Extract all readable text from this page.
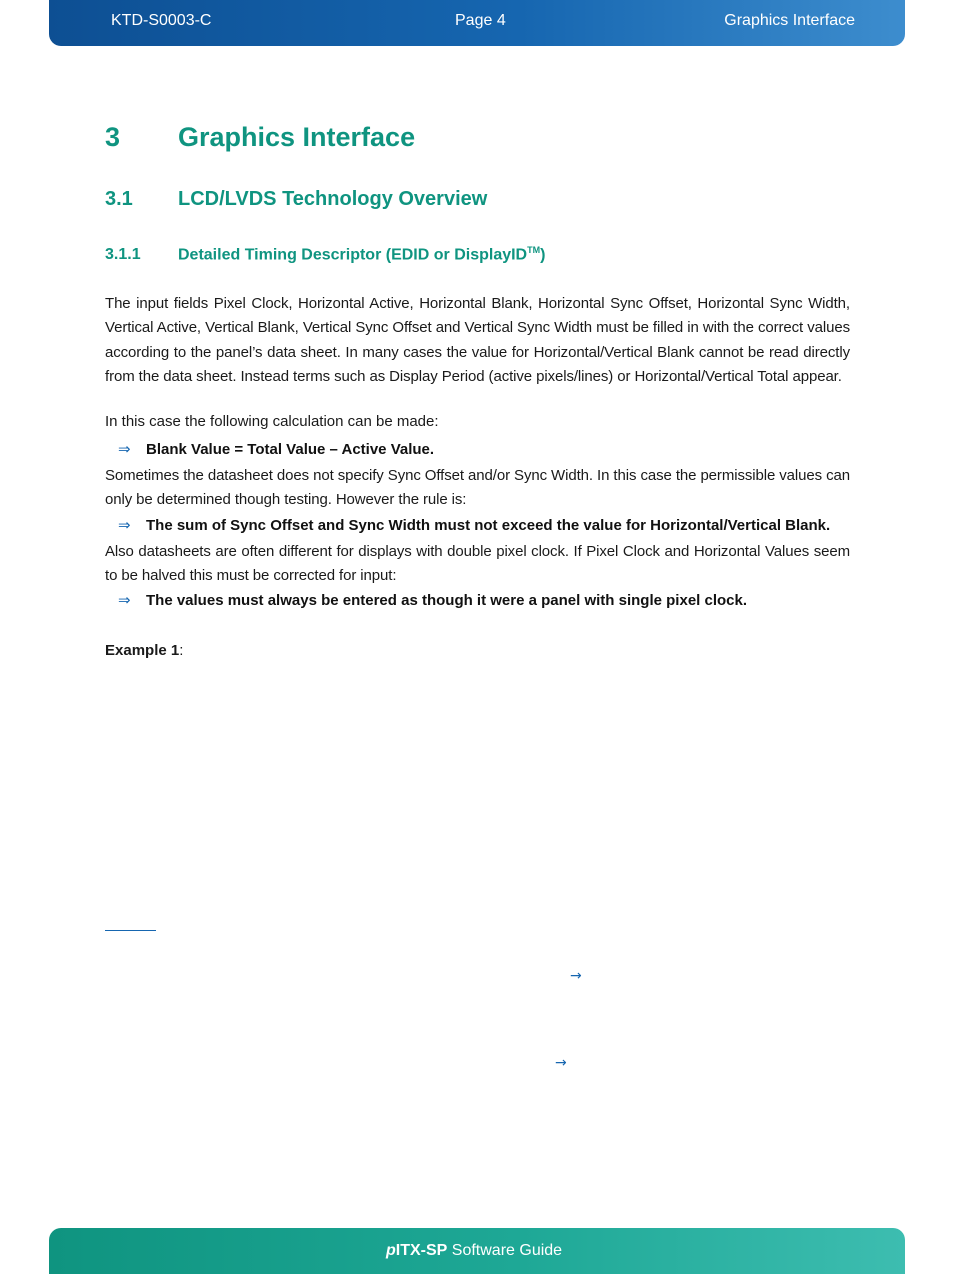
KTD-S0003-C	Page 4	Graphics Interface
3 Graphics Interface
3.1 LCD/LVDS Technology Overview
3.1.1 Detailed Timing Descriptor (EDID or DisplayID™)

The input fields Pixel Clock, Horizontal Active, Horizontal Blank, Horizontal Sync Offset, Horizontal Sync Width, Vertical Active, Vertical Blank, Vertical Sync Offset and Vertical Sync Width must be filled in with the correct values according to the panel’s data sheet. In many cases the value for Horizontal/Vertical Blank cannot be read directly from the data sheet. Instead terms such as Display Period (active pixels/lines) or Horizontal/Vertical Total appear.

In this case the following calculation can be made:
⇒ Blank Value = Total Value – Active Value.

Sometimes the datasheet does not specify Sync Offset and/or Sync Width. In this case the permissible values can only be determined though testing. However the rule is:

⇒ The sum of Sync Offset and Sync Width must not exceed the value for Horizontal/Vertical Blank.

Also datasheets are often different for displays with double pixel clock. If Pixel Clock and Horizontal Values seem to be halved this must be corrected for input:

⇒ The values must always be entered as though it were a panel with single pixel clock.
Example 1:
→
→
pITX-SP Software Guide
